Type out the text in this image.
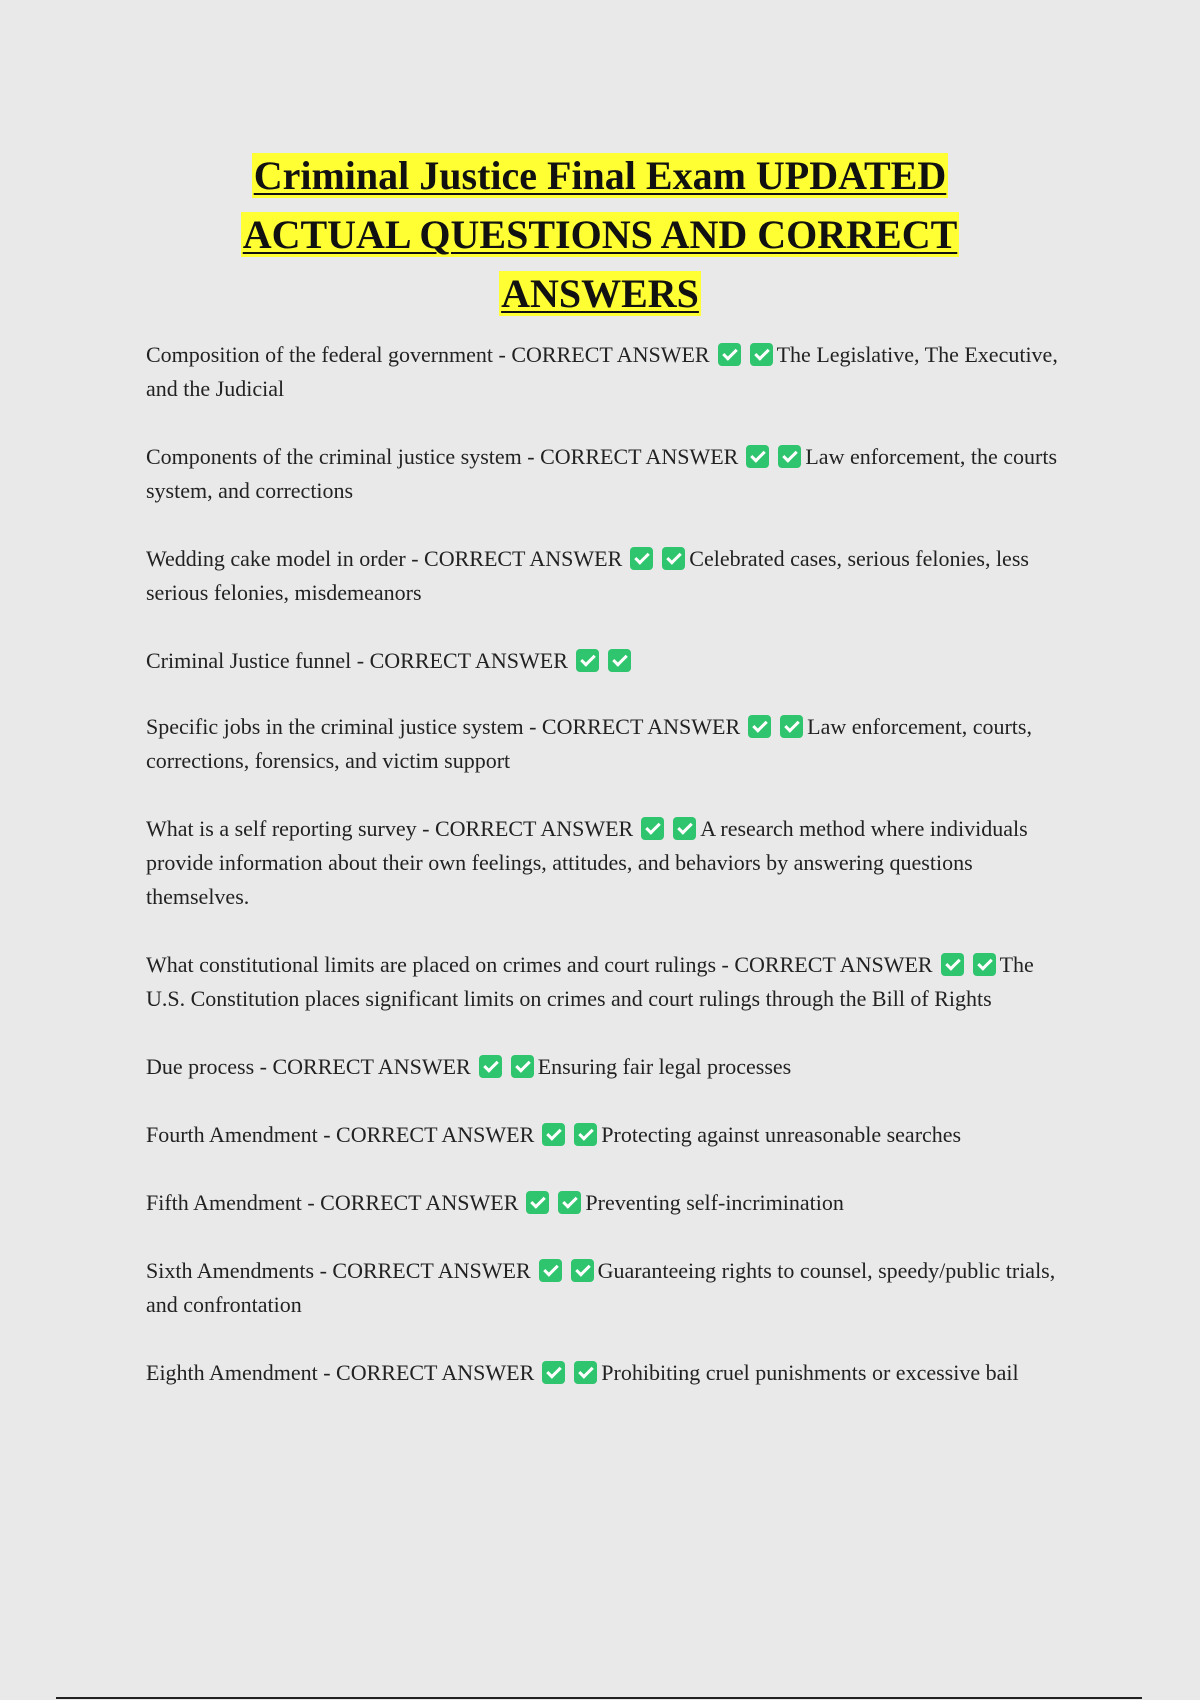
Criminal Justice Final Exam UPDATED
ACTUAL QUESTIONS AND CORRECT
ANSWERS
Composition of the federal government - CORRECT ANSWER	The Legislative, The Executive, and the Judicial
Components of the criminal justice system - CORRECT ANSWER	Law enforcement, the courts system, and corrections
Wedding cake model in order - CORRECT ANSWER	Celebrated cases, serious felonies, less serious felonies, misdemeanors
Criminal Justice funnel - CORRECT ANSWER
Specific jobs in the criminal justice system - CORRECT ANSWER	Law enforcement, courts, corrections, forensics, and victim support
What is a self reporting survey - CORRECT ANSWER	A research method where individuals provide information about their own feelings, attitudes, and behaviors by answering questions themselves.
What constitutional limits are placed on crimes and court rulings - CORRECT ANSWER	The U.S. Constitution places significant limits on crimes and court rulings through the Bill of Rights
Due process - CORRECT ANSWER	Ensuring fair legal processes
Fourth Amendment - CORRECT ANSWER	Protecting against unreasonable searches
Fifth Amendment - CORRECT ANSWER	Preventing self-incrimination
Sixth Amendments - CORRECT ANSWER	Guaranteeing rights to counsel, speedy/public trials, and confrontation
Eighth Amendment - CORRECT ANSWER	Prohibiting cruel punishments or excessive bail
